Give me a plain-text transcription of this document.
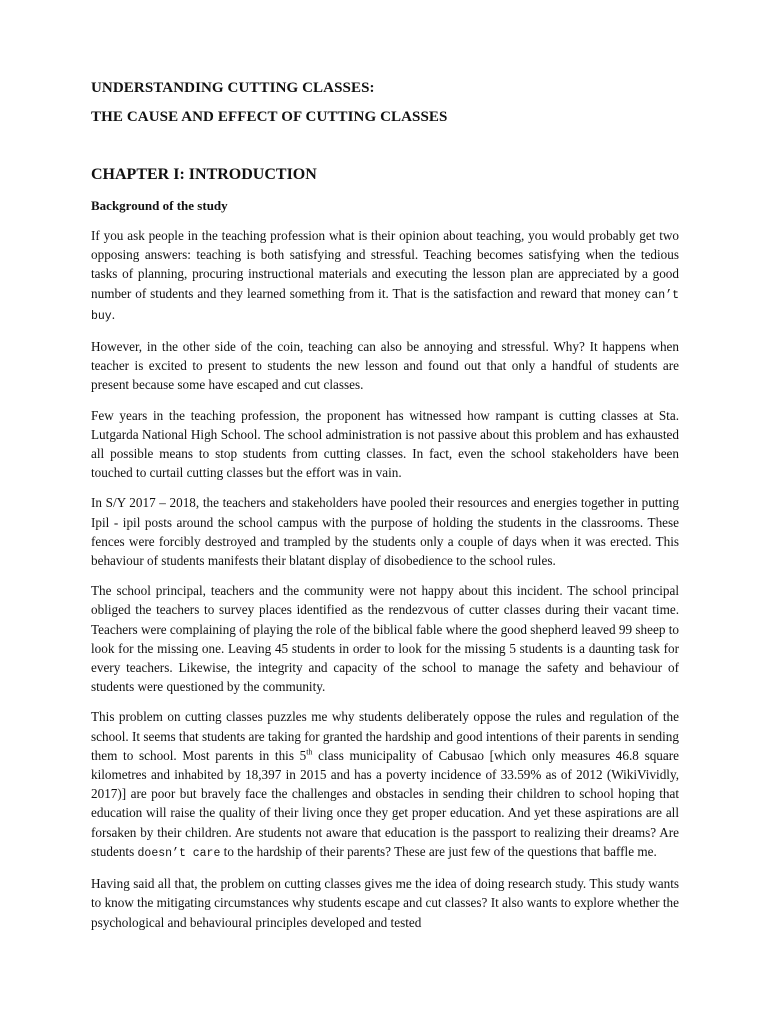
UNDERSTANDING CUTTING CLASSES:
THE CAUSE AND EFFECT OF CUTTING CLASSES
CHAPTER I: INTRODUCTION
Background of the study

If you ask people in the teaching profession what is their opinion about teaching, you would probably get two opposing answers: teaching is both satisfying and stressful. Teaching becomes satisfying when the tedious tasks of planning, procuring instructional materials and executing the lesson plan are appreciated by a good number of students and they learned something from it. That is the satisfaction and reward that money can’t buy.

However, in the other side of the coin, teaching can also be annoying and stressful. Why? It happens when teacher is excited to present to students the new lesson and found out that only a handful of students are present because some have escaped and cut classes.

Few years in the teaching profession, the proponent has witnessed how rampant is cutting classes at Sta. Lutgarda National High School. The school administration is not passive about this problem and has exhausted all possible means to stop students from cutting classes. In fact, even the school stakeholders have been touched to curtail cutting classes but the effort was in vain.

In S/Y 2017 – 2018, the teachers and stakeholders have pooled their resources and energies together in putting Ipil - ipil posts around the school campus with the purpose of holding the students in the classrooms. These fences were forcibly destroyed and trampled by the students only a couple of days when it was erected. This behaviour of students manifests their blatant display of disobedience to the school rules.

The school principal, teachers and the community were not happy about this incident. The school principal obliged the teachers to survey places identified as the rendezvous of cutter classes during their vacant time. Teachers were complaining of playing the role of the biblical fable where the good shepherd leaved 99 sheep to look for the missing one. Leaving 45 students in order to look for the missing 5 students is a daunting task for every teachers. Likewise, the integrity and capacity of the school to manage the safety and behaviour of students were questioned by the community.

This problem on cutting classes puzzles me why students deliberately oppose the rules and regulation of the school. It seems that students are taking for granted the hardship and good intentions of their parents in sending them to school. Most parents in this 5th class municipality of Cabusao [which only measures 46.8 square kilometres and inhabited by 18,397 in 2015 and has a poverty incidence of 33.59% as of 2012 (WikiVividly, 2017)] are poor but bravely face the challenges and obstacles in sending their children to school hoping that education will raise the quality of their living once they get proper education. And yet these aspirations are all forsaken by their children. Are students not aware that education is the passport to realizing their dreams? Are students doesn’t care to the hardship of their parents? These are just few of the questions that baffle me.

Having said all that, the problem on cutting classes gives me the idea of doing research study. This study wants to know the mitigating circumstances why students escape and cut classes? It also wants to explore whether the psychological and behavioural principles developed and tested
